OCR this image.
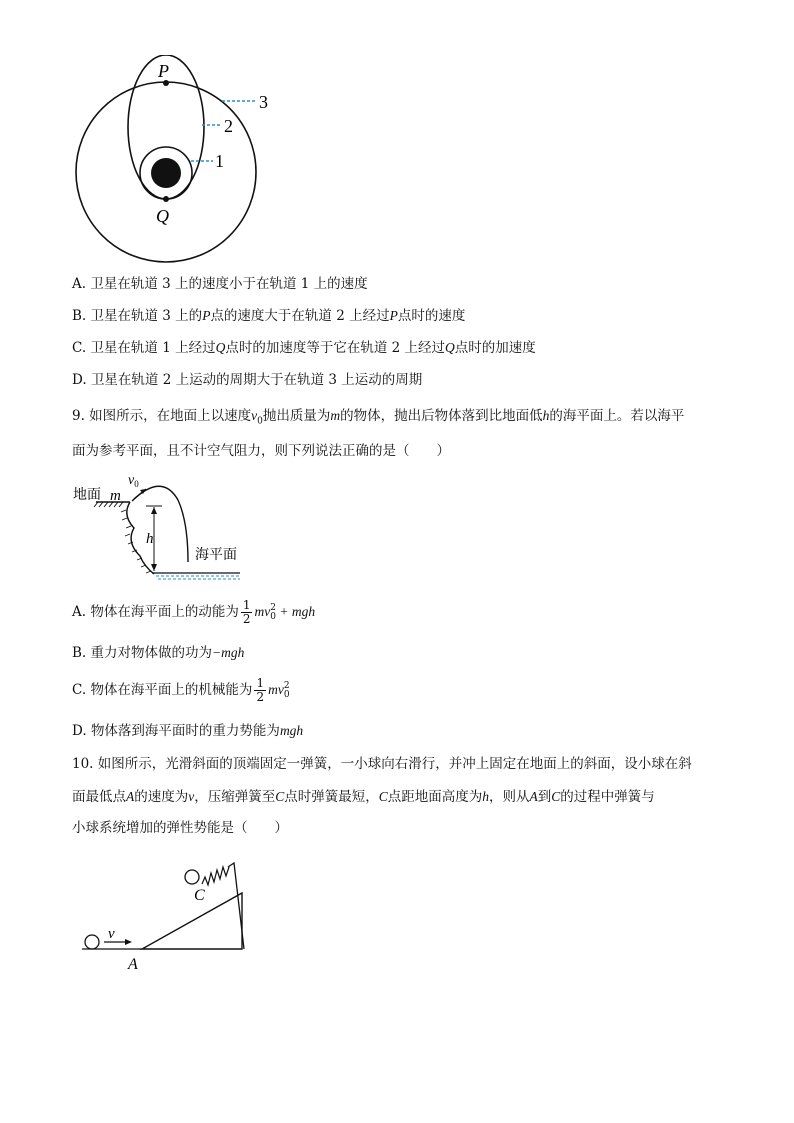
P
Q
3
2
1
A. 卫星在轨道 3 上的速度小于在轨道 1 上的速度
B. 卫星在轨道 3 上的P点的速度大于在轨道 2 上经过P点时的速度
C. 卫星在轨道 1 上经过Q点时的加速度等于它在轨道 2 上经过Q点时的加速度
D. 卫星在轨道 2 上运动的周期大于在轨道 3 上运动的周期
9. 如图所示，在地面上以速度$v_0$抛出质量为m的物体，抛出后物体落到比地面低h的海平面上。若以海平
面为参考平面，且不计空气阻力，则下列说法正确的是（　　）
地面 m
$v_0$
h
海平面
A. 物体在海平面上的动能为 $\frac{1}{2}$ mv 2
0 + mgh
B. 重力对物体做的功为−mgh
C. 物体在海平面上的机械能为 $\frac{1}{2}$ mv 2
0
D. 物体落到海平面时的重力势能为mgh
10. 如图所示，光滑斜面的顶端固定一弹簧，一小球向右滑行，并冲上固定在地面上的斜面，设小球在斜
面最低点A的速度为v，压缩弹簧至C点时弹簧最短，C点距地面高度为h，则从A到C的过程中弹簧与
小球系统增加的弹性势能是（　　）
v
A
C
